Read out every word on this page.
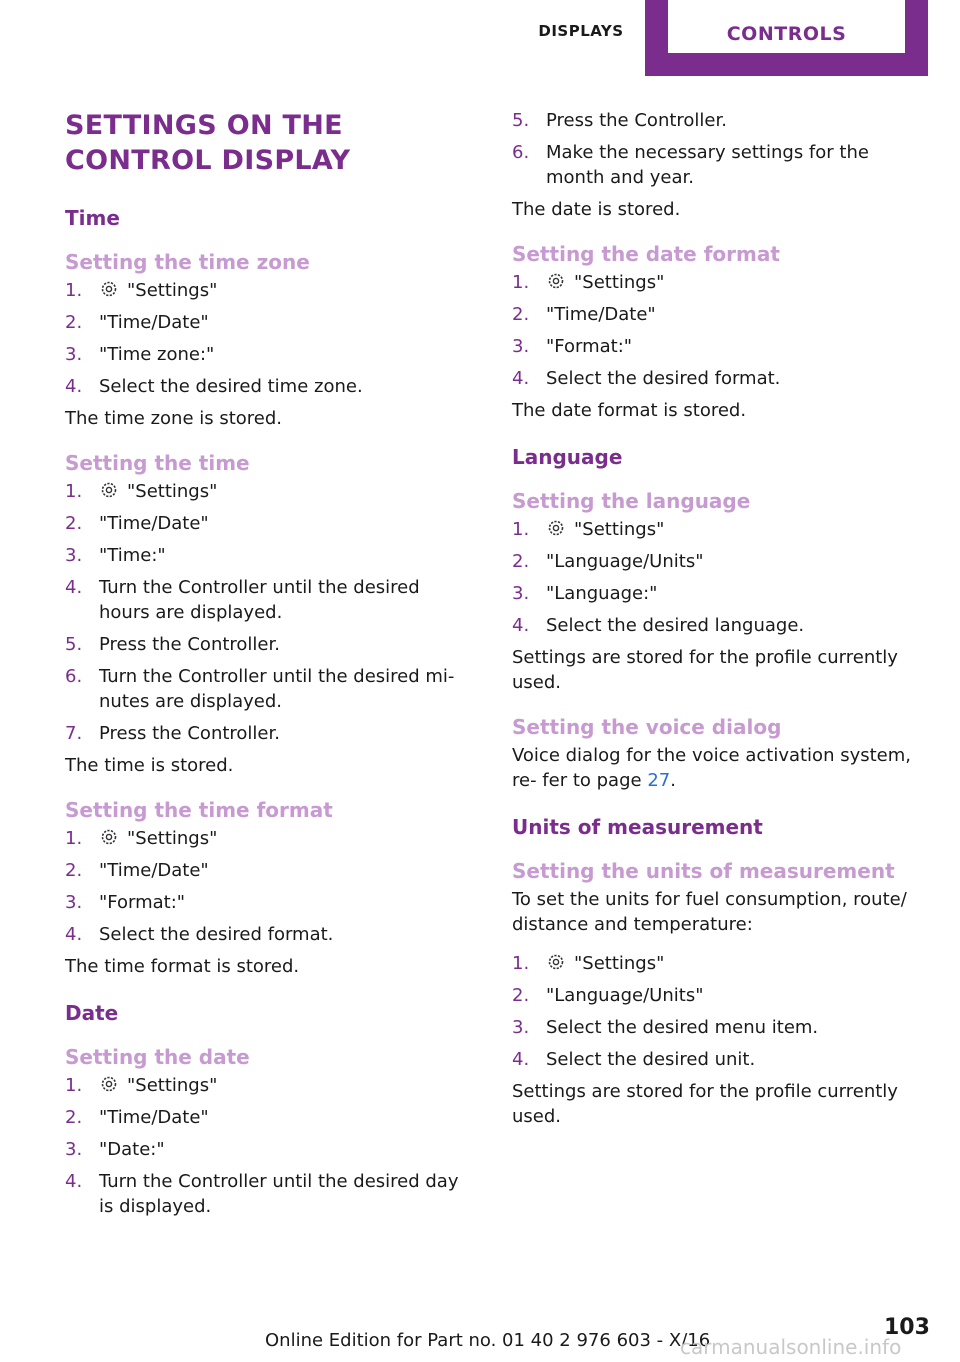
DISPLAYS	CONTROLS
SETTINGS ON THE CONTROL DISPLAY
Time
Setting the time zone
1. "Settings"
2. "Time/Date"
3. "Time zone:"
4. Select the desired time zone.

The time zone is stored.

Setting the time
1. "Settings"
2. "Time/Date"
3. "Time:"
4. Turn the Controller until the desired hours are displayed.
5. Press the Controller.
6. Turn the Controller until the desired mi‐ nutes are displayed.
7. Press the Controller.

The time is stored.

Setting the time format
1. "Settings"
2. "Time/Date"
3. "Format:"
4. Select the desired format.

The time format is stored.

Date
Setting the date
1. "Settings"
2. "Time/Date"
3. "Date:"
4. Turn the Controller until the desired day is displayed.
5. Press the Controller.
6. Make the necessary settings for the month and year.

The date is stored.

Setting the date format
1. "Settings"
2. "Time/Date"
3. "Format:"
4. Select the desired format.

The date format is stored.

Language
Setting the language
1. "Settings"
2. "Language/Units"
3. "Language:"
4. Select the desired language.

Settings are stored for the profile currently used.

Setting the voice dialog

Voice dialog for the voice activation system, re‐ fer to page 27.

Units of measurement
Setting the units of measurement

To set the units for fuel consumption, route/ distance and temperature:

1. "Settings"
2. "Language/Units"
3. Select the desired menu item.
4. Select the desired unit.

Settings are stored for the profile currently used.

103
Online Edition for Part no. 01 40 2 976 603 - X/16
carmanualsonline.info
